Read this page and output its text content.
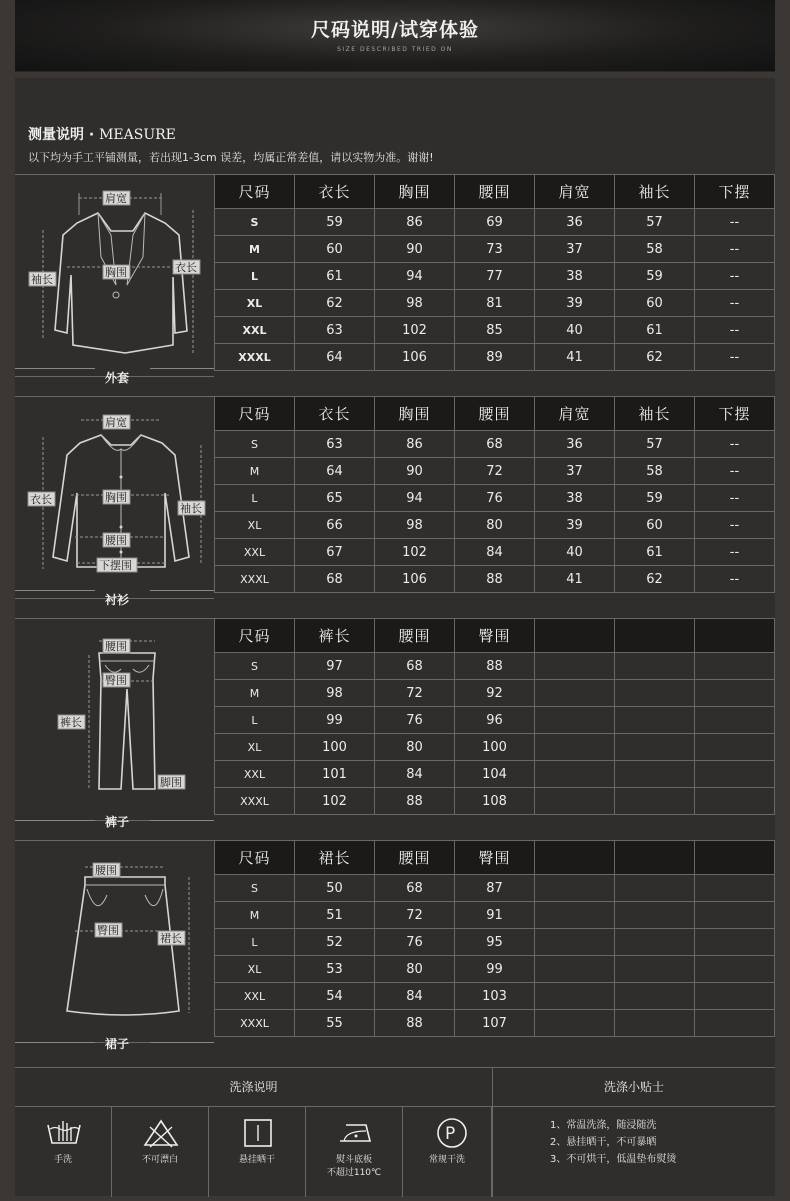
尺码说明/试穿体验
SIZE DESCRIBED TRIED ON
测量说明 · MEASURE
以下均为手工平铺测量，若出现1-3cm 误差，均属正常差值，请以实物为准。谢谢!
肩宽
袖长
胸围	衣长
外套
尺码	衣长	胸围	腰围	肩宽	袖长	下摆
S	59	86	69	36	57	--
M	60	90	73	37	58	--
L	61	94	77	38	59	--
XL	62	98	81	39	60	--
XXL	63	102	85	40	61	--
XXXL	64	106	89	41	62	--
肩宽
衣长	胸围
腰围
下摆围
袖长
衬衫
尺码	衣长	胸围	腰围	肩宽	袖长	下摆
S	63	86	68	36	57	--
M	64	90	72	37	58	--
L	65	94	76	38	59	--
XL	66	98	80	39	60	--
XXL	67	102	84	40	61	--
XXXL	68	106	88	41	62	--
腰围
臀围
裤长
脚围
裤子
尺码	裤长	腰围	臀围			
S	97	68	88			
M	98	72	92			
L	99	76	96			
XL	100	80	100			
XXL	101	84	104			
XXXL	102	88	108			
腰围
臀围
裙长
裙子
尺码	裙长	腰围	臀围			
S	50	68	87			
M	51	72	91			
L	52	76	95			
XL	53	80	99			
XXL	54	84	103			
XXXL	55	88	107			
洗涤说明	洗涤小贴士
手洗	不可漂白	悬挂晒干	熨斗底板
不超过110℃
P
常规干洗
1、常温洗涤，随浸随洗
2、悬挂晒干，不可暴晒
3、不可烘干，低温垫布熨烫
